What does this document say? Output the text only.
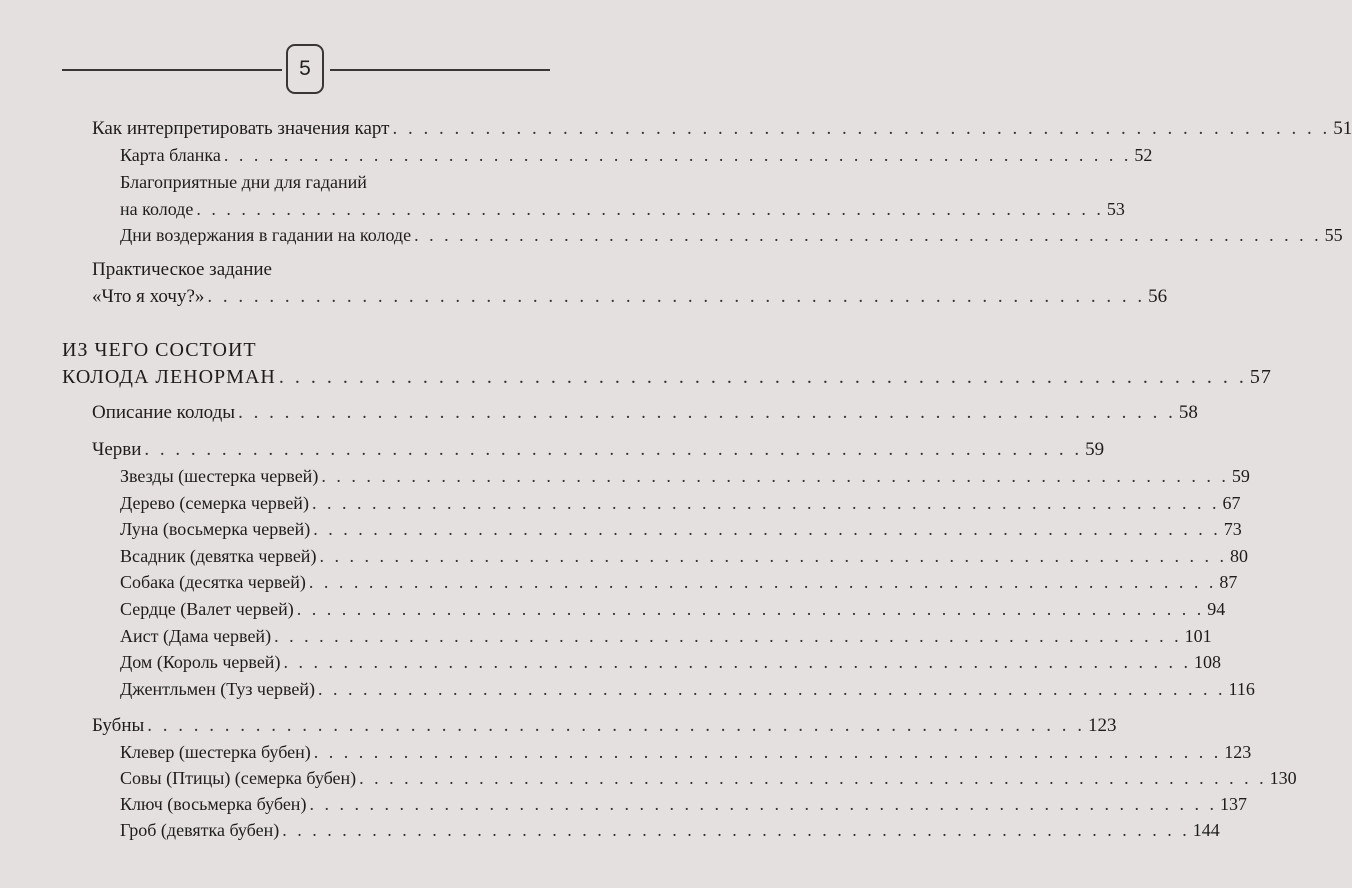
5
Как интерпретировать значения карт . . . . . . . . . . . . . . . . . . . . . . . . . . . . . . . . . . . . . . . . . . . . . . . . . . . . . . . . . . . . . 51
Карта бланка . . . . . . . . . . . . . . . . . . . . . . . . . . . . . . . . . . . . . . . . . . . . . . . . . . . . . . . . . . . . . 52
Благоприятные дни для гаданий
на колоде . . . . . . . . . . . . . . . . . . . . . . . . . . . . . . . . . . . . . . . . . . . . . . . . . . . . . . . . . . . . . 53
Дни воздержания в гадании на колоде . . . . . . . . . . . . . . . . . . . . . . . . . . . . . . . . . . . . . . . . . . . . . . . . . . . . . . . . . . . . . 55
Практическое задание
«Что я хочу?» . . . . . . . . . . . . . . . . . . . . . . . . . . . . . . . . . . . . . . . . . . . . . . . . . . . . . . . . . . . . . 56
ИЗ ЧЕГО СОСТОИТ
КОЛОДА ЛЕНОРМАН . . . . . . . . . . . . . . . . . . . . . . . . . . . . . . . . . . . . . . . . . . . . . . . . . . . . . . . . . . . . . 57
Описание колоды . . . . . . . . . . . . . . . . . . . . . . . . . . . . . . . . . . . . . . . . . . . . . . . . . . . . . . . . . . . . . 58
Черви . . . . . . . . . . . . . . . . . . . . . . . . . . . . . . . . . . . . . . . . . . . . . . . . . . . . . . . . . . . . . 59
Звезды (шестерка червей) . . . . . . . . . . . . . . . . . . . . . . . . . . . . . . . . . . . . . . . . . . . . . . . . . . . . . . . . . . . . . 59
Дерево (семерка червей) . . . . . . . . . . . . . . . . . . . . . . . . . . . . . . . . . . . . . . . . . . . . . . . . . . . . . . . . . . . . . 67
Луна (восьмерка червей) . . . . . . . . . . . . . . . . . . . . . . . . . . . . . . . . . . . . . . . . . . . . . . . . . . . . . . . . . . . . . 73
Всадник (девятка червей) . . . . . . . . . . . . . . . . . . . . . . . . . . . . . . . . . . . . . . . . . . . . . . . . . . . . . . . . . . . . . 80
Собака (десятка червей) . . . . . . . . . . . . . . . . . . . . . . . . . . . . . . . . . . . . . . . . . . . . . . . . . . . . . . . . . . . . . 87
Сердце (Валет червей) . . . . . . . . . . . . . . . . . . . . . . . . . . . . . . . . . . . . . . . . . . . . . . . . . . . . . . . . . . . . . 94
Аист (Дама червей) . . . . . . . . . . . . . . . . . . . . . . . . . . . . . . . . . . . . . . . . . . . . . . . . . . . . . . . . . . . . . 101
Дом (Король червей) . . . . . . . . . . . . . . . . . . . . . . . . . . . . . . . . . . . . . . . . . . . . . . . . . . . . . . . . . . . . . 108
Джентльмен (Туз червей) . . . . . . . . . . . . . . . . . . . . . . . . . . . . . . . . . . . . . . . . . . . . . . . . . . . . . . . . . . . . . 116
Бубны . . . . . . . . . . . . . . . . . . . . . . . . . . . . . . . . . . . . . . . . . . . . . . . . . . . . . . . . . . . . . 123
Клевер (шестерка бубен) . . . . . . . . . . . . . . . . . . . . . . . . . . . . . . . . . . . . . . . . . . . . . . . . . . . . . . . . . . . . . 123
Совы (Птицы) (семерка бубен) . . . . . . . . . . . . . . . . . . . . . . . . . . . . . . . . . . . . . . . . . . . . . . . . . . . . . . . . . . . . . 130
Ключ (восьмерка бубен) . . . . . . . . . . . . . . . . . . . . . . . . . . . . . . . . . . . . . . . . . . . . . . . . . . . . . . . . . . . . . 137
Гроб (девятка бубен) . . . . . . . . . . . . . . . . . . . . . . . . . . . . . . . . . . . . . . . . . . . . . . . . . . . . . . . . . . . . . 144
